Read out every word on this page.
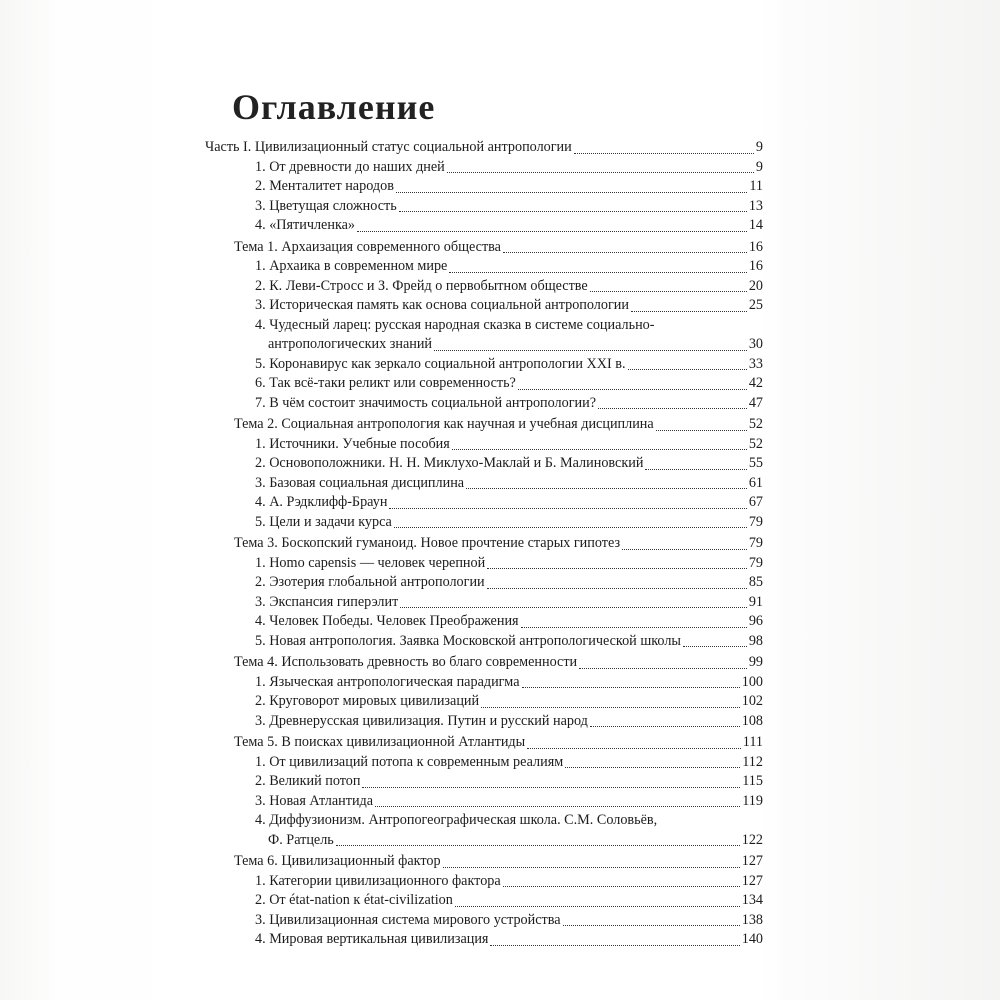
Оглавление
Часть I. Цивилизационный статус социальной антропологии	9
1. От древности до наших дней	9
2. Менталитет народов	11
3. Цветущая сложность	13
4. «Пятичленка»	14
Тема 1. Архаизация современного общества	16
1. Архаика в современном мире	16
2. К. Леви-Стросс и З. Фрейд о первобытном обществе	20
3. Историческая память как основа социальной антропологии	25
4. Чудесный ларец: русская народная сказка в системе социально-
антропологических знаний	30
5. Коронавирус как зеркало социальной антропологии XXI в.	33
6. Так всё-таки реликт или современность?	42
7. В чём состоит значимость социальной антропологии?	47
Тема 2. Социальная антропология как научная и учебная дисциплина	52
1. Источники. Учебные пособия	52
2. Основоположники. Н. Н. Миклухо-Маклай и Б. Малиновский	55
3. Базовая социальная дисциплина	61
4. А. Рэдклифф-Браун	67
5. Цели и задачи курса	79
Тема 3. Боскопский гуманоид. Новое прочтение старых гипотез	79
1. Homo capensis — человек черепной	79
2. Эзотерия глобальной антропологии	85
3. Экспансия гиперэлит	91
4. Человек Победы. Человек Преображения	96
5. Новая антропология. Заявка Московской антропологической школы	98
Тема 4. Использовать древность во благо современности	99
1. Языческая антропологическая парадигма	100
2. Круговорот мировых цивилизаций	102
3. Древнерусская цивилизация. Путин и русский народ	108
Тема 5. В поисках цивилизационной Атлантиды	111
1. От цивилизаций потопа к современным реалиям	112
2. Великий потоп	115
3. Новая Атлантида	119
4. Диффузионизм. Антропогеографическая школа. С.М. Соловьёв,
Ф. Ратцель	122
Тема 6. Цивилизационный фактор	127
1. Категории цивилизационного фактора	127
2. От état-nation к état-civilization	134
3. Цивилизационная система мирового устройства	138
4. Мировая вертикальная цивилизация	140
